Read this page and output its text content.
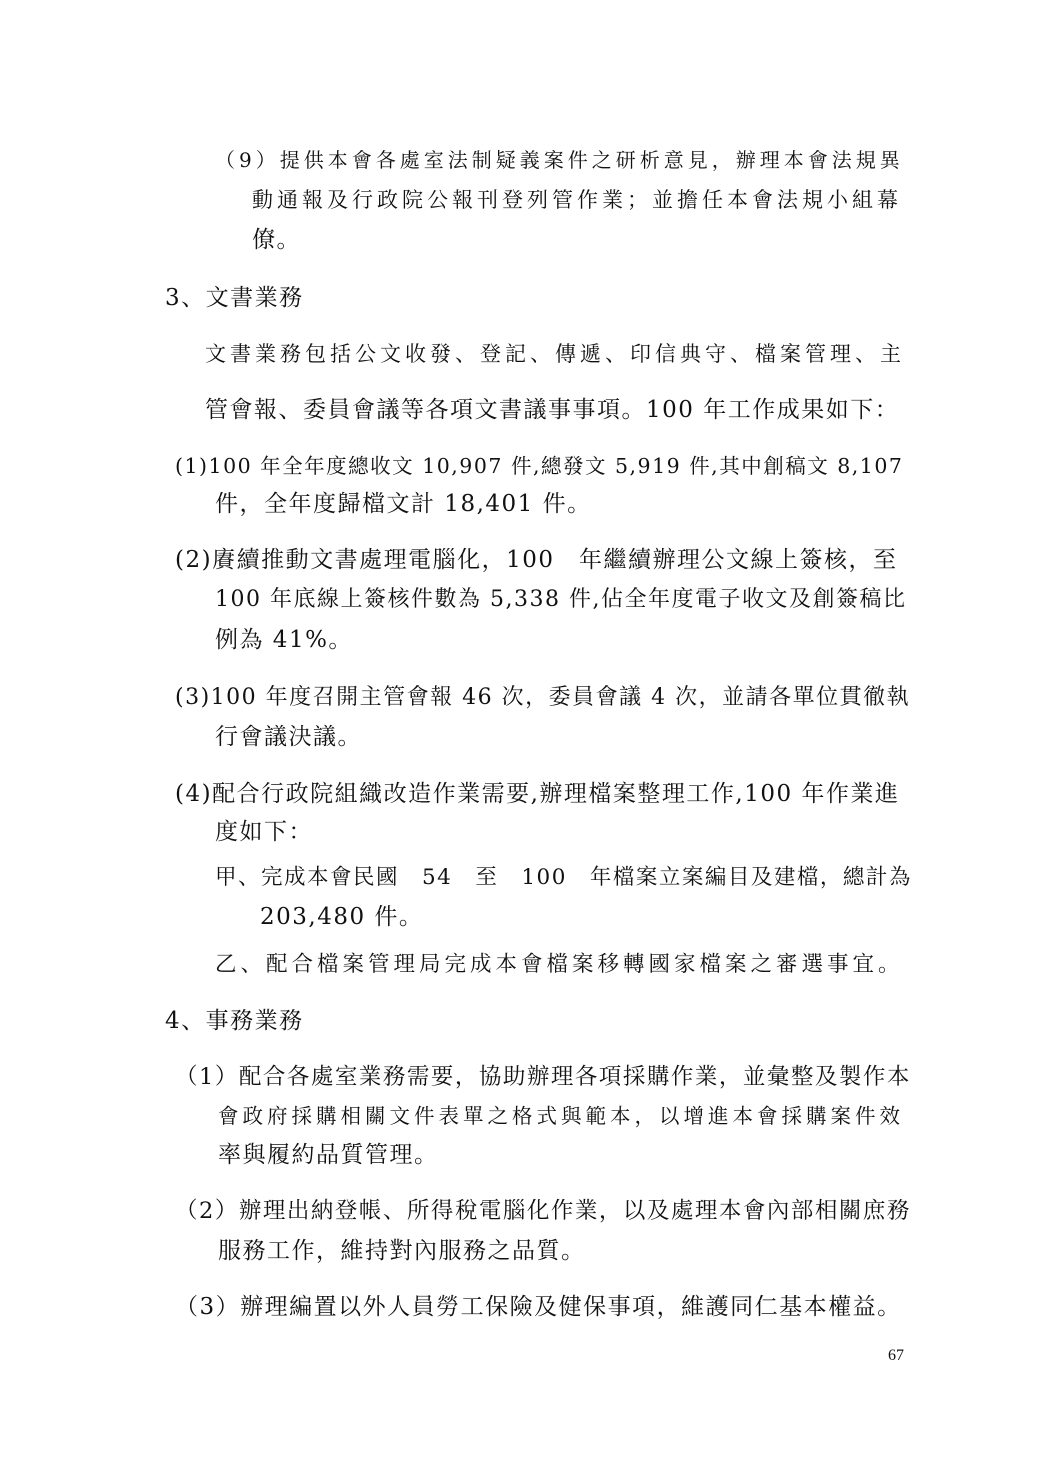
（9）提供本會各處室法制疑義案件之研析意見，辦理本會法規異
動通報及行政院公報刊登列管作業；並擔任本會法規小組幕
僚。
3、文書業務
文書業務包括公文收發、登記、傳遞、印信典守、檔案管理、主
管會報、委員會議等各項文書議事事項。100 年工作成果如下：
(1)100 年全年度總收文 10,907 件,總發文 5,919 件,其中創稿文 8,107
件，全年度歸檔文計 18,401 件。
(2)賡續推動文書處理電腦化，100　年繼續辦理公文線上簽核，至
100 年底線上簽核件數為 5,338 件,佔全年度電子收文及創簽稿比
例為 41%。
(3)100 年度召開主管會報 46 次，委員會議 4 次，並請各單位貫徹執
行會議決議。
(4)配合行政院組織改造作業需要,辦理檔案整理工作,100 年作業進
度如下：
甲、完成本會民國　54　至　100　年檔案立案編目及建檔，總計為
203,480 件。
乙、配合檔案管理局完成本會檔案移轉國家檔案之審選事宜。
4、事務業務
（1）配合各處室業務需要，協助辦理各項採購作業，並彙整及製作本
會政府採購相關文件表單之格式與範本，以增進本會採購案件效
率與履約品質管理。
（2）辦理出納登帳、所得稅電腦化作業，以及處理本會內部相關庶務
服務工作，維持對內服務之品質。
（3）辦理編置以外人員勞工保險及健保事項，維護同仁基本權益。
67
